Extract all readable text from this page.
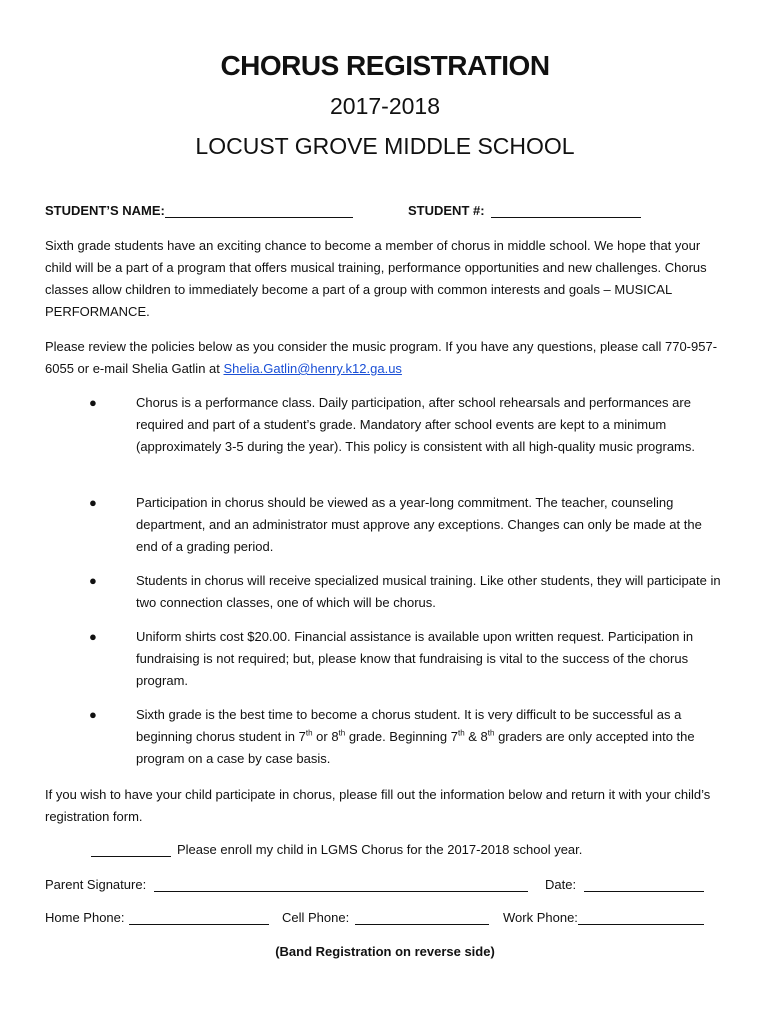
CHORUS REGISTRATION
2017-2018
LOCUST GROVE MIDDLE SCHOOL
STUDENT’S NAME:	STUDENT #:
Sixth grade students have an exciting chance to become a member of chorus in middle school. We hope that your child will be a part of a program that offers musical training, performance opportunities and new challenges. Chorus classes allow children to immediately become a part of a group with common interests and goals – MUSICAL PERFORMANCE.
Please review the policies below as you consider the music program. If you have any questions, please call 770-957-6055 or e-mail Shelia Gatlin at Shelia.Gatlin@henry.k12.ga.us
●	Chorus is a performance class. Daily participation, after school rehearsals and performances are required and part of a student’s grade. Mandatory after school events are kept to a minimum (approximately 3-5 during the year). This policy is consistent with all high-quality music programs.
●	Participation in chorus should be viewed as a year-long commitment. The teacher, counseling department, and an administrator must approve any exceptions. Changes can only be made at the end of a grading period.
●	Students in chorus will receive specialized musical training. Like other students, they will participate in two connection classes, one of which will be chorus.
●	Uniform shirts cost $20.00. Financial assistance is available upon written request. Participation in fundraising is not required; but, please know that fundraising is vital to the success of the chorus program.
●	Sixth grade is the best time to become a chorus student. It is very difficult to be successful as a beginning chorus student in 7th or 8th grade. Beginning 7th & 8th graders are only accepted into the program on a case by case basis.
If you wish to have your child participate in chorus, please fill out the information below and return it with your child’s registration form.
Please enroll my child in LGMS Chorus for the 2017-2018 school year.
Parent Signature:	Date:
Home Phone:	Cell Phone:	Work Phone:
(Band Registration on reverse side)
